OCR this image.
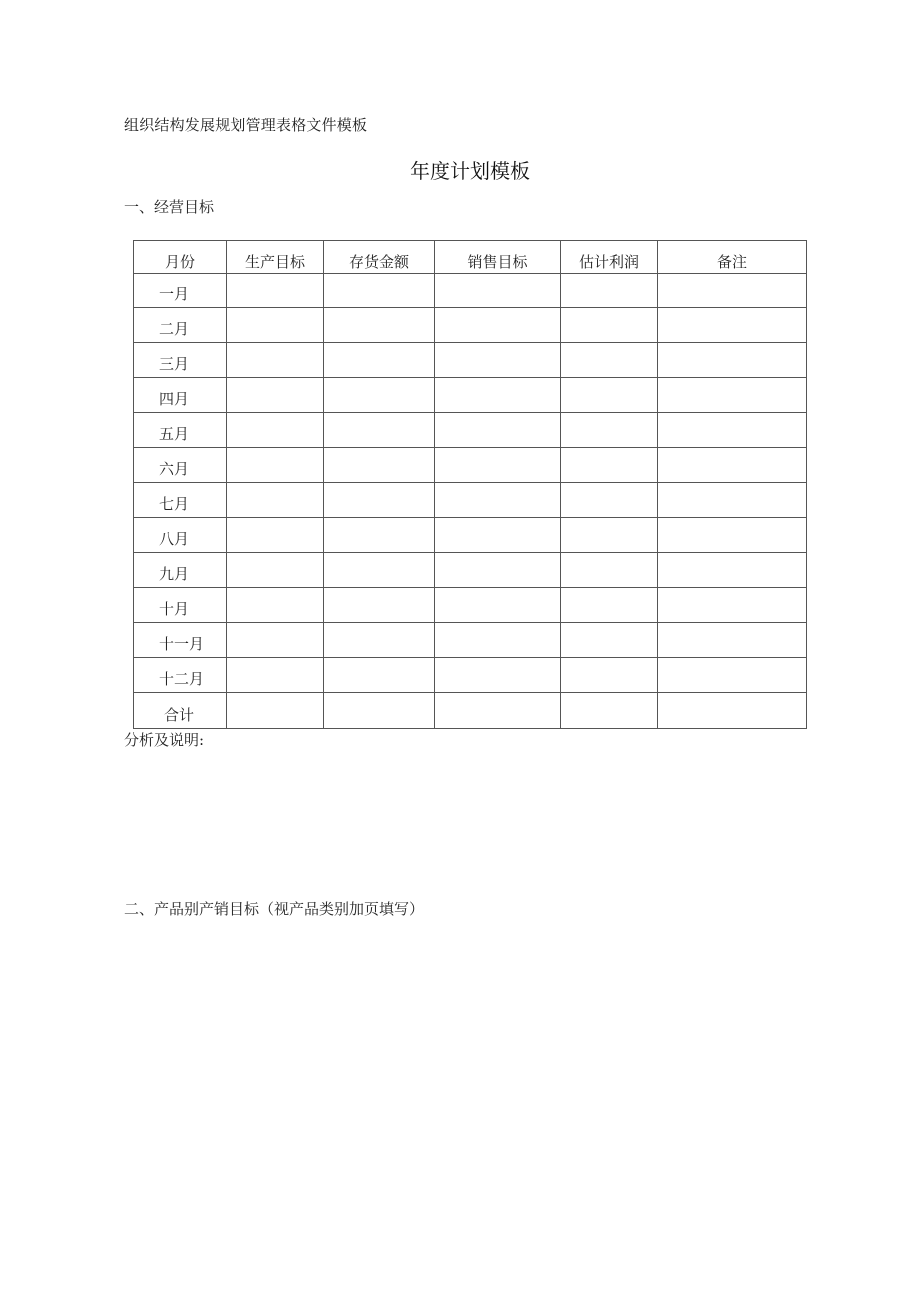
组织结构发展规划管理表格文件模板
年度计划模板
一、经营目标
月份	生产目标	存货金额	销售目标	估计利润	备注
一月					
二月					
三月					
四月					
五月					
六月					
七月					
八月					
九月					
十月					
十一月					
十二月					
合计					
分析及说明:
二、产品别产销目标（视产品类别加页填写）
